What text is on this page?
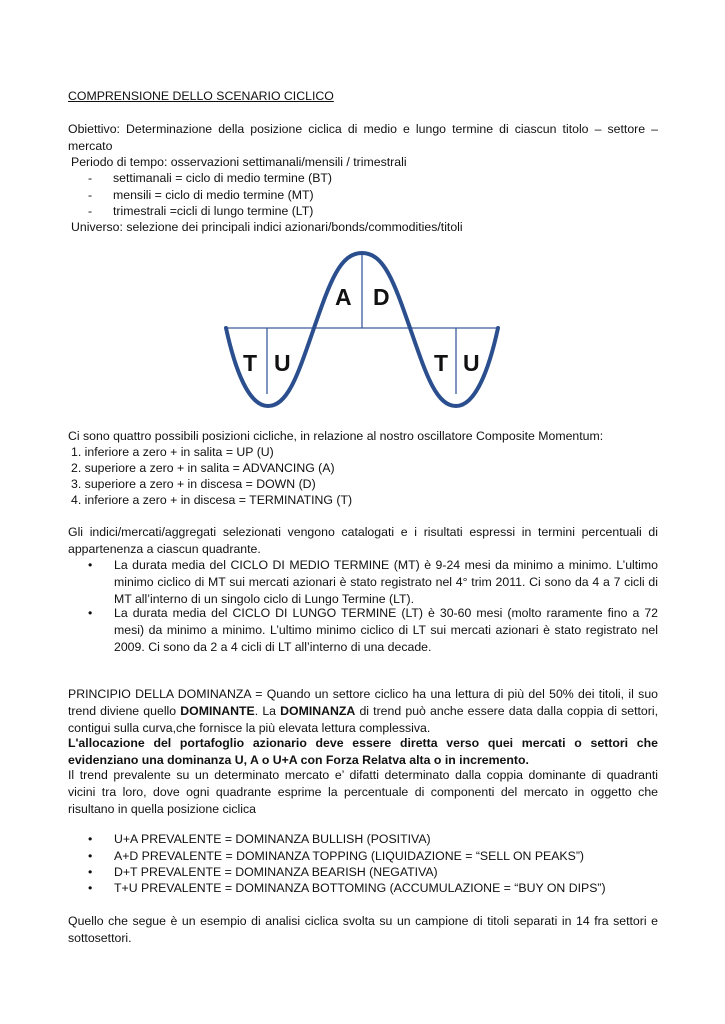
COMPRENSIONE DELLO SCENARIO CICLICO
Obiettivo: Determinazione della posizione ciclica di medio e lungo termine di ciascun titolo – settore – mercato
Periodo di tempo: osservazioni settimanali/mensili / trimestrali
- settimanali = ciclo di medio termine (BT)
- mensili = ciclo di medio termine (MT)
- trimestrali =cicli di lungo termine (LT)
Universo: selezione dei principali indici azionari/bonds/commodities/titoli
T U
A D
T U
Ci sono quattro possibili posizioni cicliche, in relazione al nostro oscillatore Composite Momentum:
1. inferiore a zero + in salita = UP (U)
2. superiore a zero + in salita = ADVANCING (A)
3. superiore a zero + in discesa = DOWN (D)
4. inferiore a zero + in discesa = TERMINATING (T)
Gli indici/mercati/aggregati selezionati vengono catalogati e i risultati espressi in termini percentuali di appartenenza a ciascun quadrante.
• La durata media del CICLO DI MEDIO TERMINE (MT) è 9-24 mesi da minimo a minimo. L’ultimo minimo ciclico di MT sui mercati azionari è stato registrato nel 4° trim 2011. Ci sono da 4 a 7 cicli di MT all’interno di un singolo ciclo di Lungo Termine (LT).
• La durata media del CICLO DI LUNGO TERMINE (LT) è 30-60 mesi (molto raramente fino a 72 mesi) da minimo a minimo. L’ultimo minimo ciclico di LT sui mercati azionari è stato registrato nel 2009. Ci sono da 2 a 4 cicli di LT all’interno di una decade.
PRINCIPIO DELLA DOMINANZA = Quando un settore ciclico ha una lettura di più del 50% dei titoli, il suo trend diviene quello DOMINANTE. La DOMINANZA di trend può anche essere data dalla coppia di settori, contigui sulla curva,che fornisce la più elevata lettura complessiva.
L'allocazione del portafoglio azionario deve essere diretta verso quei mercati o settori che evidenziano una dominanza U, A o U+A con Forza Relatva alta o in incremento.
Il trend prevalente su un determinato mercato e’ difatti determinato dalla coppia dominante di quadranti vicini tra loro, dove ogni quadrante esprime la percentuale di componenti del mercato in oggetto che risultano in quella posizione ciclica
• U+A PREVALENTE = DOMINANZA BULLISH (POSITIVA)
• A+D PREVALENTE = DOMINANZA TOPPING (LIQUIDAZIONE = “SELL ON PEAKS”)
• D+T PREVALENTE = DOMINANZA BEARISH (NEGATIVA)
• T+U PREVALENTE = DOMINANZA BOTTOMING (ACCUMULAZIONE = “BUY ON DIPS”)
Quello che segue è un esempio di analisi ciclica svolta su un campione di titoli separati in 14 fra settori e sottosettori.
